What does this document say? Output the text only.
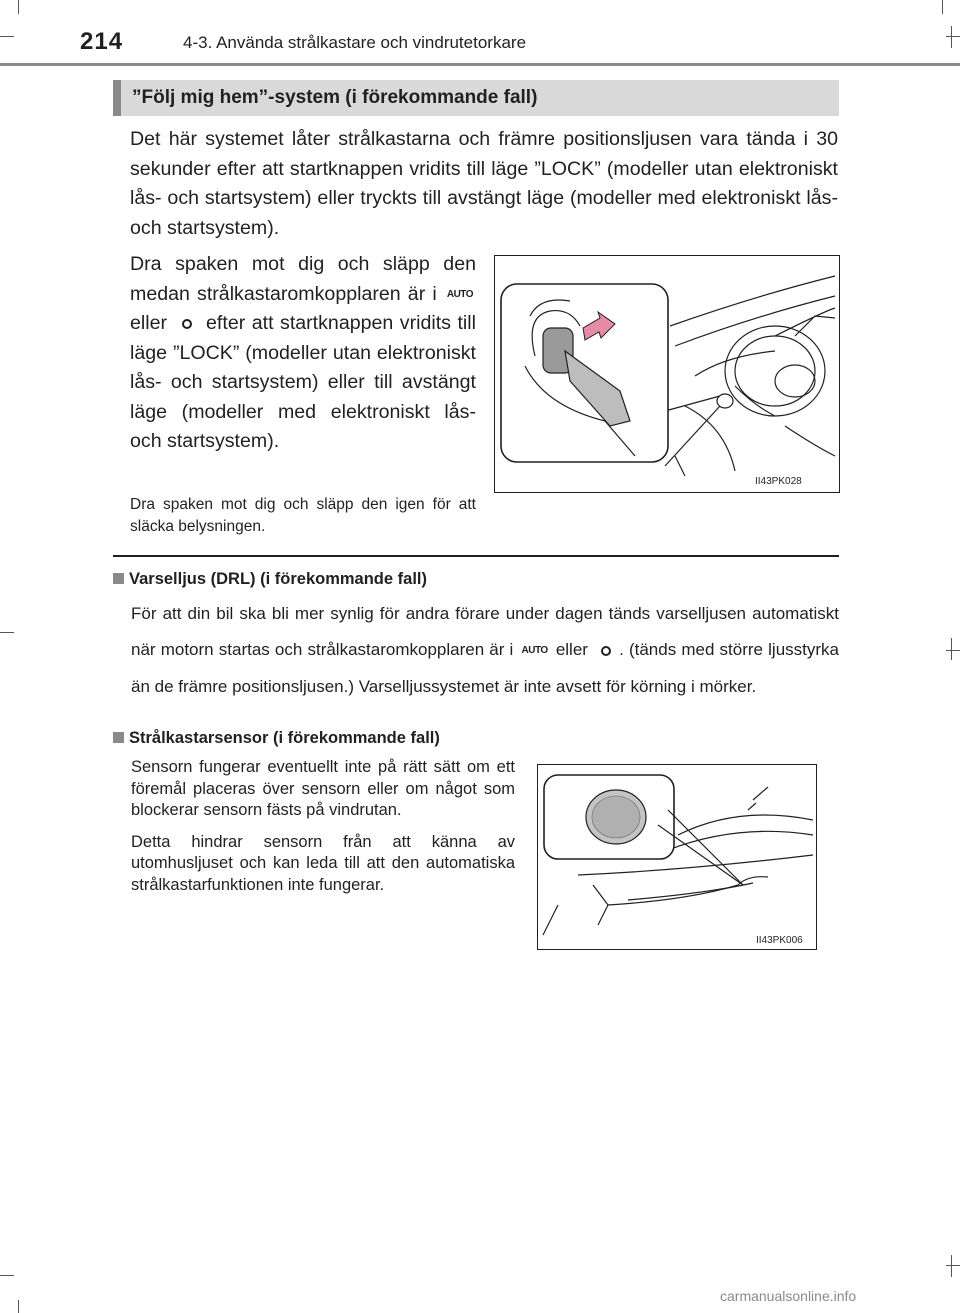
214	4-3. Använda strålkastare och vindrutetorkare
”Följ mig hem”-system (i förekommande fall)
Det här systemet låter strålkastarna och främre positionsljusen vara tända i 30 sekunder efter att startknappen vridits till läge ”LOCK” (modeller utan elektroniskt lås- och startsystem) eller tryckts till avstängt läge (modeller med elektroniskt lås- och startsystem).
Dra spaken mot dig och släpp den medan strålkastaromkopplaren är i AUTO eller efter att startknappen vridits till läge ”LOCK” (modeller utan elektroniskt lås- och startsystem) eller till avstängt läge (modeller med elektroniskt lås- och startsystem).
Dra spaken mot dig och släpp den igen för att släcka belysningen.
II43PK028
Varselljus (DRL) (i förekommande fall)
För att din bil ska bli mer synlig för andra förare under dagen tänds varselljusen automatiskt när motorn startas och strålkastaromkopplaren är i AUTO eller . (tänds med större ljusstyrka än de främre positionsljusen.) Varselljussystemet är inte avsett för körning i mörker.
Strålkastarsensor (i förekommande fall)

Sensorn fungerar eventuellt inte på rätt sätt om ett föremål placeras över sensorn eller om något som blockerar sensorn fästs på vindrutan.

Detta hindrar sensorn från att känna av utomhusljuset och kan leda till att den automatiska strålkastarfunktionen inte fungerar.

II43PK006
carmanualsonline.info
